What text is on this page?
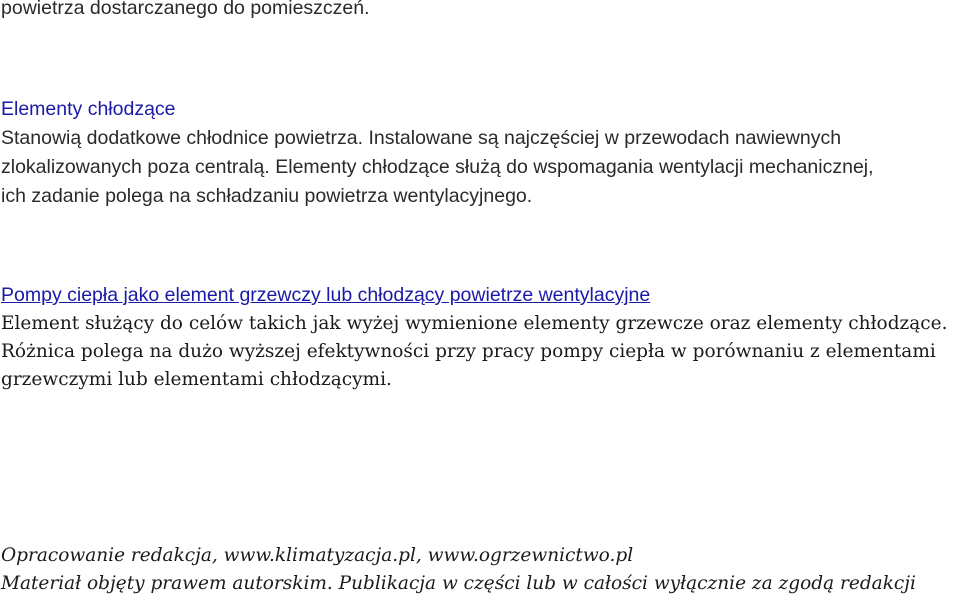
powietrza dostarczanego do pomieszczeń.
Elementy chłodzące
Stanowią dodatkowe chłodnice powietrza. Instalowane są najczęściej w przewodach nawiewnych
zlokalizowanych poza centralą. Elementy chłodzące służą do wspomagania wentylacji mechanicznej,
ich zadanie polega na schładzaniu powietrza wentylacyjnego.
Pompy ciepła jako element grzewczy lub chłodzący powietrze wentylacyjne
Element służący do celów takich jak wyżej wymienione elementy grzewcze oraz elementy chłodzące.
Różnica polega na dużo wyższej efektywności przy pracy pompy ciepła w porównaniu z elementami
grzewczymi lub elementami chłodzącymi.
Opracowanie redakcja, www.klimatyzacja.pl, www.ogrzewnictwo.pl
Materiał objęty prawem autorskim. Publikacja w części lub w całości wyłącznie za zgodą redakcji
